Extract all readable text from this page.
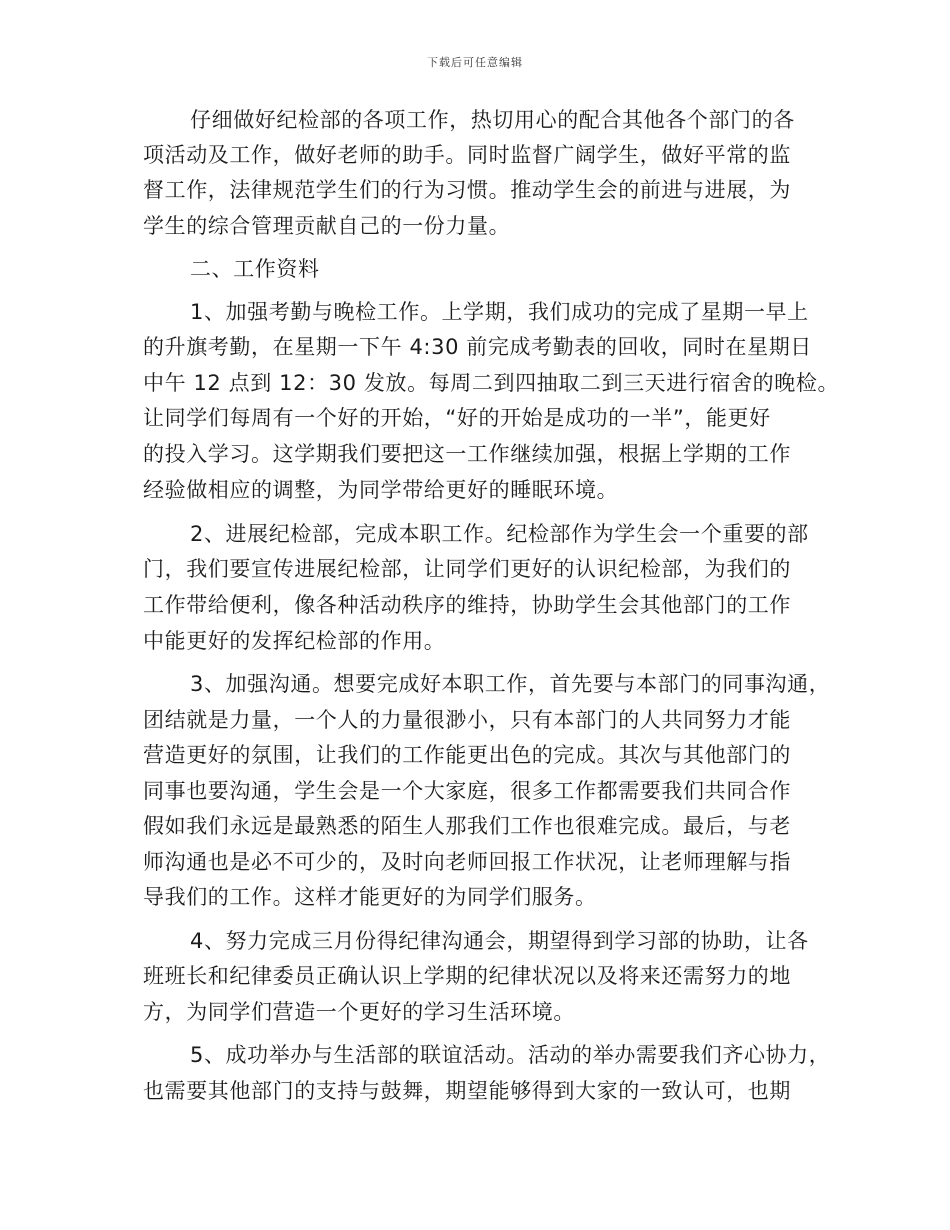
下载后可任意编辑
仔细做好纪检部的各项工作，热切用心的配合其他各个部门的各
项活动及工作，做好老师的助手。同时监督广阔学生，做好平常的监
督工作，法律规范学生们的行为习惯。推动学生会的前进与进展，为
学生的综合管理贡献自己的一份力量。
二、工作资料
1、加强考勤与晚检工作。上学期，我们成功的完成了星期一早上
的升旗考勤，在星期一下午 4:30 前完成考勤表的回收，同时在星期日
中午 12 点到 12：30 发放。每周二到四抽取二到三天进行宿舍的晚检。
让同学们每周有一个好的开始，“好的开始是成功的一半”，能更好
的投入学习。这学期我们要把这一工作继续加强，根据上学期的工作
经验做相应的调整，为同学带给更好的睡眠环境。
2、进展纪检部，完成本职工作。纪检部作为学生会一个重要的部
门，我们要宣传进展纪检部，让同学们更好的认识纪检部，为我们的
工作带给便利，像各种活动秩序的维持，协助学生会其他部门的工作
中能更好的发挥纪检部的作用。
3、加强沟通。想要完成好本职工作，首先要与本部门的同事沟通，
团结就是力量，一个人的力量很渺小，只有本部门的人共同努力才能
营造更好的氛围，让我们的工作能更出色的完成。其次与其他部门的
同事也要沟通，学生会是一个大家庭，很多工作都需要我们共同合作
假如我们永远是最熟悉的陌生人那我们工作也很难完成。最后，与老
师沟通也是必不可少的，及时向老师回报工作状况，让老师理解与指
导我们的工作。这样才能更好的为同学们服务。
4、努力完成三月份得纪律沟通会，期望得到学习部的协助，让各
班班长和纪律委员正确认识上学期的纪律状况以及将来还需努力的地
方，为同学们营造一个更好的学习生活环境。
5、成功举办与生活部的联谊活动。活动的举办需要我们齐心协力，
也需要其他部门的支持与鼓舞，期望能够得到大家的一致认可，也期
